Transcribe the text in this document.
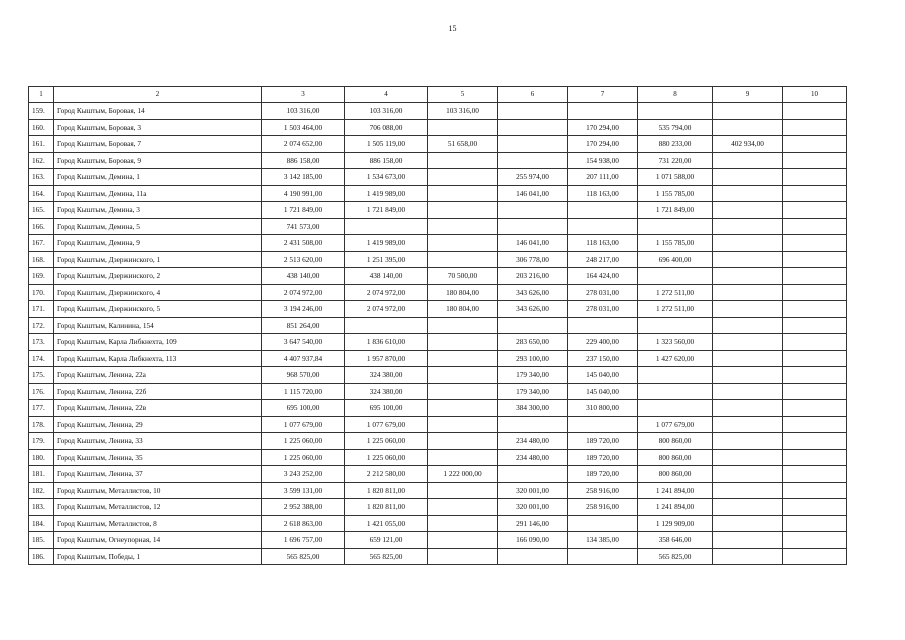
15
1	2	3	4	5	6	7	8	9	10
159.	Город Кыштым, Боровая, 14	103 316,00	103 316,00	103 316,00					
160.	Город Кыштым, Боровая, 3	1 503 464,00	706 088,00			170 294,00	535 794,00		
161.	Город Кыштым, Боровая, 7	2 074 652,00	1 505 119,00	51 658,00		170 294,00	880 233,00	402 934,00	
162.	Город Кыштым, Боровая, 9	886 158,00	886 158,00			154 938,00	731 220,00		
163.	Город Кыштым, Демина, 1	3 142 185,00	1 534 673,00		255 974,00	207 111,00	1 071 588,00		
164.	Город Кыштым, Демина, 11а	4 190 991,00	1 419 989,00		146 041,00	118 163,00	1 155 785,00		
165.	Город Кыштым, Демина, 3	1 721 849,00	1 721 849,00				1 721 849,00		
166.	Город Кыштым, Демина, 5	741 573,00							
167.	Город Кыштым, Демина, 9	2 431 508,00	1 419 989,00		146 041,00	118 163,00	1 155 785,00		
168.	Город Кыштым, Дзержинского, 1	2 513 620,00	1 251 395,00		306 778,00	248 217,00	696 400,00		
169.	Город Кыштым, Дзержинского, 2	438 140,00	438 140,00	70 500,00	203 216,00	164 424,00			
170.	Город Кыштым, Дзержинского, 4	2 074 972,00	2 074 972,00	180 804,00	343 626,00	278 031,00	1 272 511,00		
171.	Город Кыштым, Дзержинского, 5	3 194 246,00	2 074 972,00	180 804,00	343 626,00	278 031,00	1 272 511,00		
172.	Город Кыштым, Калинина, 154	851 264,00							
173.	Город Кыштым, Карла Либкнехта, 109	3 647 540,00	1 836 610,00		283 650,00	229 400,00	1 323 560,00		
174.	Город Кыштым, Карла Либкнехта, 113	4 407 937,84	1 957 870,00		293 100,00	237 150,00	1 427 620,00		
175.	Город Кыштым, Ленина, 22а	968 570,00	324 380,00		179 340,00	145 040,00			
176.	Город Кыштым, Ленина, 22б	1 115 720,00	324 380,00		179 340,00	145 040,00			
177.	Город Кыштым, Ленина, 22в	695 100,00	695 100,00		384 300,00	310 800,00			
178.	Город Кыштым, Ленина, 29	1 077 679,00	1 077 679,00				1 077 679,00		
179.	Город Кыштым, Ленина, 33	1 225 060,00	1 225 060,00		234 480,00	189 720,00	800 860,00		
180.	Город Кыштым, Ленина, 35	1 225 060,00	1 225 060,00		234 480,00	189 720,00	800 860,00		
181.	Город Кыштым, Ленина, 37	3 243 252,00	2 212 580,00	1 222 000,00		189 720,00	800 860,00		
182.	Город Кыштым, Металлистов, 10	3 599 131,00	1 820 811,00		320 001,00	258 916,00	1 241 894,00		
183.	Город Кыштым, Металлистов, 12	2 952 388,00	1 820 811,00		320 001,00	258 916,00	1 241 894,00		
184.	Город Кыштым, Металлистов, 8	2 618 863,00	1 421 055,00		291 146,00		1 129 909,00		
185.	Город Кыштым, Огнеупорная, 14	1 696 757,00	659 121,00		166 090,00	134 385,00	358 646,00		
186.	Город Кыштым, Победы, 1	565 825,00	565 825,00				565 825,00		
